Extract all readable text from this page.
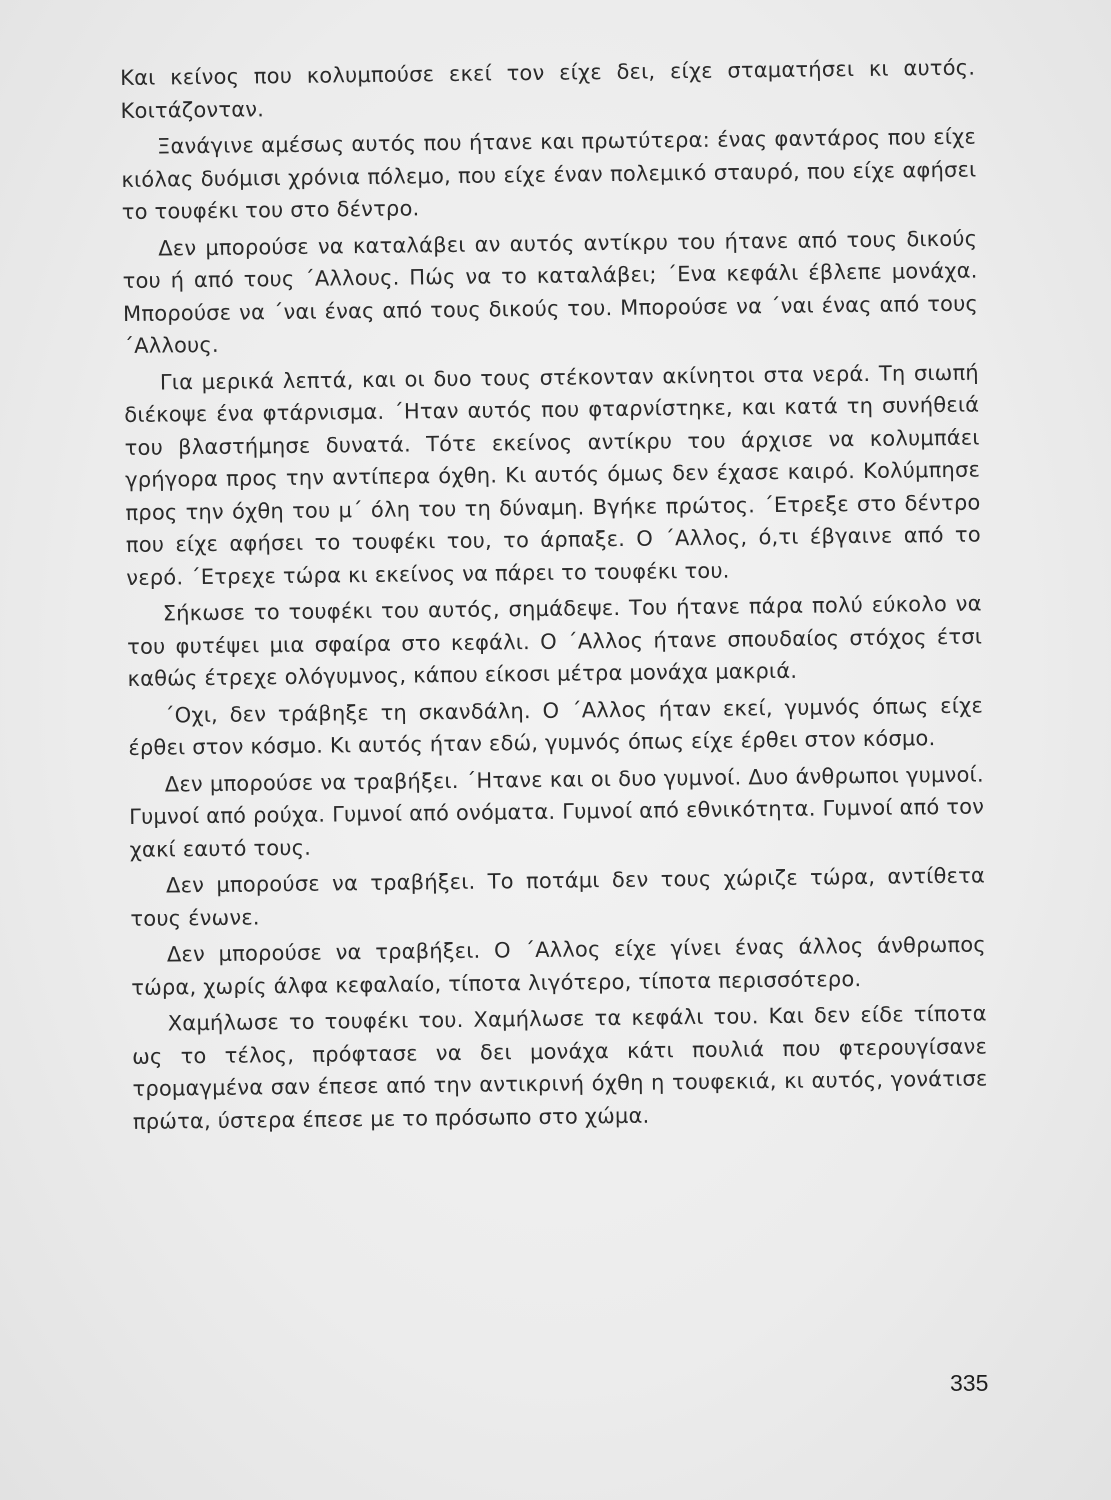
Και κείνος που κολυμπούσε εκεί τον είχε δει, είχε σταματήσει κι αυτός. Κοιτάζονταν.

Ξανάγινε αμέσως αυτός που ήτανε και πρωτύτερα: ένας φαντάρος που είχε κιόλας δυόμισι χρόνια πόλεμο, που είχε έναν πολεμικό σταυρό, που είχε αφήσει το τουφέκι του στο δέντρο.

Δεν μπορούσε να καταλάβει αν αυτός αντίκρυ του ήτανε από τους δικούς του ή από τους ΄Αλλους. Πώς να το καταλάβει; ΄Ενα κεφάλι έβλεπε μονάχα. Μπορούσε να ΄ναι ένας από τους δικούς του. Μπορούσε να ΄ναι ένας από τους ΄Αλλους.

Για μερικά λεπτά, και οι δυο τους στέκονταν ακίνητοι στα νερά. Τη σιωπή διέκοψε ένα φτάρνισμα. ΄Ηταν αυτός που φταρνίστηκε, και κατά τη συνήθειά του βλαστήμησε δυνατά. Τότε εκείνος αντίκρυ του άρχισε να κολυμπάει γρήγορα προς την αντίπερα όχθη. Κι αυτός όμως δεν έχασε καιρό. Κολύμπησε προς την όχθη του μ΄ όλη του τη δύναμη. Βγήκε πρώτος. ΄Ετρεξε στο δέντρο που είχε αφήσει το τουφέκι του, το άρπαξε. Ο ΄Αλλος, ό,τι έβγαινε από το νερό. ΄Ετρεχε τώρα κι εκείνος να πάρει το τουφέκι του.

Σήκωσε το τουφέκι του αυτός, σημάδεψε. Του ήτανε πάρα πολύ εύκολο να του φυτέψει μια σφαίρα στο κεφάλι. Ο ΄Αλλος ήτανε σπουδαίος στόχος έτσι καθώς έτρεχε ολόγυμνος, κάπου είκοσι μέτρα μονάχα μακριά.

΄Οχι, δεν τράβηξε τη σκανδάλη. Ο ΄Αλλος ήταν εκεί, γυμνός όπως είχε έρθει στον κόσμο. Κι αυτός ήταν εδώ, γυμνός όπως είχε έρθει στον κόσμο.

Δεν μπορούσε να τραβήξει. ΄Ητανε και οι δυο γυμνοί. Δυο άνθρωποι γυμνοί. Γυμνοί από ρούχα. Γυμνοί από ονόματα. Γυμνοί από εθνικότητα. Γυμνοί από τον χακί εαυτό τους.

Δεν μπορούσε να τραβήξει. Το ποτάμι δεν τους χώριζε τώρα, αντίθετα τους ένωνε.

Δεν μπορούσε να τραβήξει. Ο ΄Αλλος είχε γίνει ένας άλλος άνθρωπος τώρα, χωρίς άλφα κεφαλαίο, τίποτα λιγότερο, τίποτα περισσότερο.

Χαμήλωσε το τουφέκι του. Χαμήλωσε τα κεφάλι του. Και δεν είδε τίποτα ως το τέλος, πρόφτασε να δει μονάχα κάτι πουλιά που φτερουγίσανε τρομαγμένα σαν έπεσε από την αντικρινή όχθη η τουφεκιά, κι αυτός, γονάτισε πρώτα, ύστερα έπεσε με το πρόσωπο στο χώμα.

335
